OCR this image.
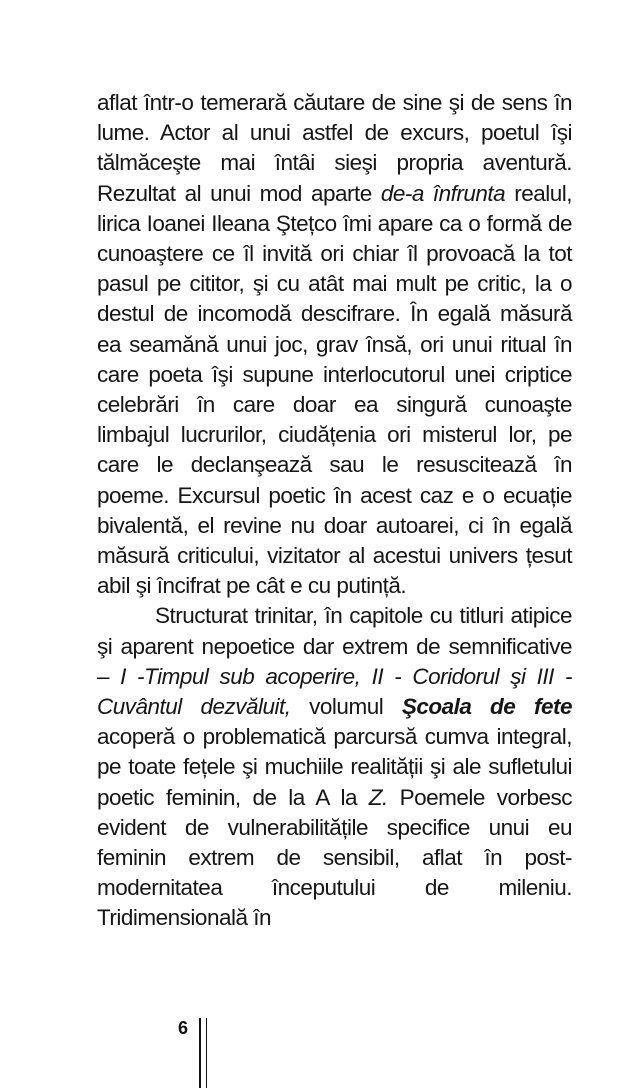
aflat într-o temerară căutare de sine şi de sens în lume. Actor al unui astfel de excurs, poetul îşi tălmăceşte mai întâi sieşi propria aventură. Rezultat al unui mod aparte de-a înfrunta realul, lirica Ioanei Ileana Ştețco îmi apare ca o formă de cunoaştere ce îl invită ori chiar îl provoacă la tot pasul pe cititor, şi cu atât mai mult pe critic, la o destul de incomodă descifrare. În egală măsură ea seamănă unui joc, grav însă, ori unui ritual în care poeta îşi supune interlocutorul unei criptice celebrări în care doar ea singură cunoaşte limbajul lucrurilor, ciudățenia ori misterul lor, pe care le declanşează sau le resuscitează în poeme. Excursul poetic în acest caz e o ecuație bivalentă, el revine nu doar autoarei, ci în egală măsură criticului, vizitator al acestui univers țesut abil şi încifrat pe cât e cu putință.

Structurat trinitar, în capitole cu titluri atipice şi aparent nepoetice dar extrem de semnificative – I -Timpul sub acoperire, II - Coridorul şi III - Cuvântul dezvăluit, volumul Şcoala de fete acoperă o problematică parcursă cumva integral, pe toate fețele şi muchiile realității şi ale sufletului poetic feminin, de la A la Z. Poemele vorbesc evident de vulnerabilitățile specifice unui eu feminin extrem de sensibil, aflat în post-modernitatea începutului de mileniu. Tridimensională în

6
